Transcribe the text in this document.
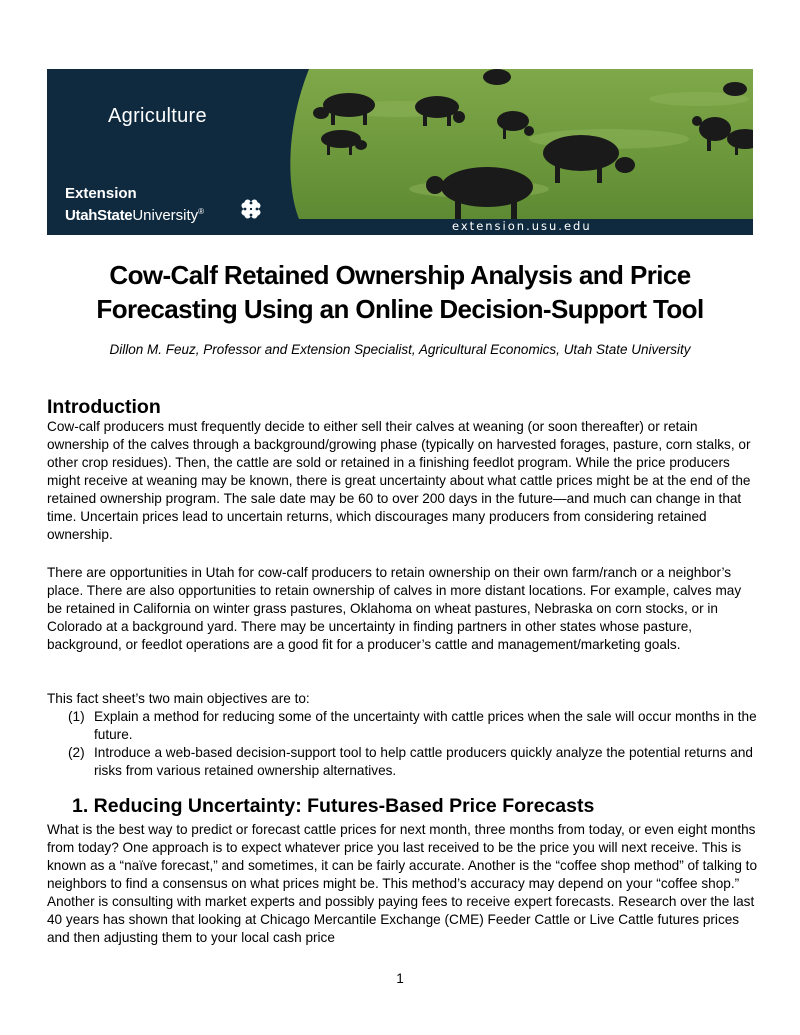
Agriculture
Extension
UtahStateUniversity®
extension.usu.edu
Cow-Calf Retained Ownership Analysis and Price
Forecasting Using an Online Decision-Support Tool
Dillon M. Feuz, Professor and Extension Specialist, Agricultural Economics, Utah State University
Introduction

Cow-calf producers must frequently decide to either sell their calves at weaning (or soon thereafter) or retain ownership of the calves through a background/growing phase (typically on harvested forages, pasture, corn stalks, or other crop residues). Then, the cattle are sold or retained in a finishing feedlot program. While the price producers might receive at weaning may be known, there is great uncertainty about what cattle prices might be at the end of the retained ownership program. The sale date may be 60 to over 200 days in the future—and much can change in that time. Uncertain prices lead to uncertain returns, which discourages many producers from considering retained ownership.

There are opportunities in Utah for cow-calf producers to retain ownership on their own farm/ranch or a neighbor’s place. There are also opportunities to retain ownership of calves in more distant locations. For example, calves may be retained in California on winter grass pastures, Oklahoma on wheat pastures, Nebraska on corn stocks, or in Colorado at a background yard. There may be uncertainty in finding partners in other states whose pasture, background, or feedlot operations are a good fit for a producer’s cattle and management/marketing goals.

This fact sheet’s two main objectives are to:

(1) Explain a method for reducing some of the uncertainty with cattle prices when the sale will occur months in the future.
(2) Introduce a web-based decision-support tool to help cattle producers quickly analyze the potential returns and risks from various retained ownership alternatives.
1. Reducing Uncertainty: Futures-Based Price Forecasts

What is the best way to predict or forecast cattle prices for next month, three months from today, or even eight months from today? One approach is to expect whatever price you last received to be the price you will next receive. This is known as a “naïve forecast,” and sometimes, it can be fairly accurate. Another is the “coffee shop method” of talking to neighbors to find a consensus on what prices might be. This method’s accuracy may depend on your “coffee shop.” Another is consulting with market experts and possibly paying fees to receive expert forecasts. Research over the last 40 years has shown that looking at Chicago Mercantile Exchange (CME) Feeder Cattle or Live Cattle futures prices and then adjusting them to your local cash price

1
